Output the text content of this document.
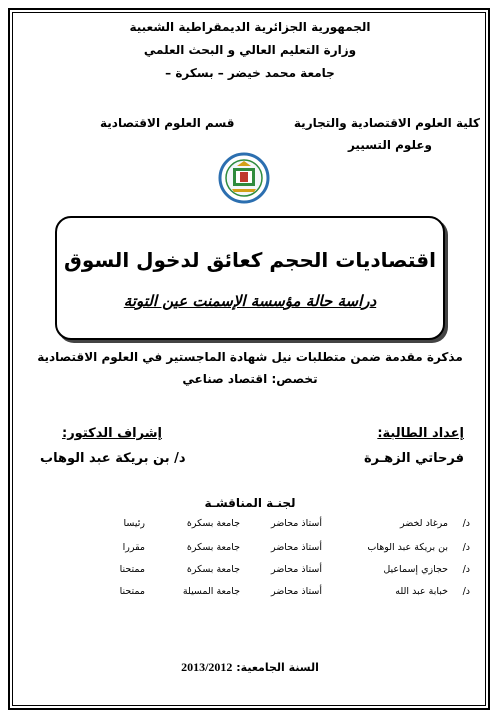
الجمهورية الجزائرية الديمقراطية الشعبية
وزارة التعليم العالي و البحث العلمي
جامعة محمد خيضر – بسكرة –
كلية العلوم الاقتصادية والتجارية
وعلوم التسيير
قسم العلوم الاقتصادية
اقتصاديات الحجم كعائق لدخول السوق
دراسة حالة مؤسسة الإسمنت عين التوتة
مذكرة مقدمة ضمن متطلبات نيل شهادة الماجستير في العلوم الاقتصادية
تخصص: اقتصاد صناعي
إعداد الطالبة:
فرحاتي الزهـرة
إشراف الدكتور:
د/ بن بريكة عبد الوهاب
لجنـة المناقشـة
د/
مرغاد لخضر
أستاذ محاضر
جامعة بسكرة
رئيسا
د/
بن بريكة عبد الوهاب
أستاذ محاضر
جامعة بسكرة
مقررا
د/
حجازي إسماعيل
أستاذ محاضر
جامعة بسكرة
ممتحنا
د/
خبابة عبد الله
أستاذ محاضر
جامعة المسيلة
ممتحنا
السنة الجامعية: 2013/2012
